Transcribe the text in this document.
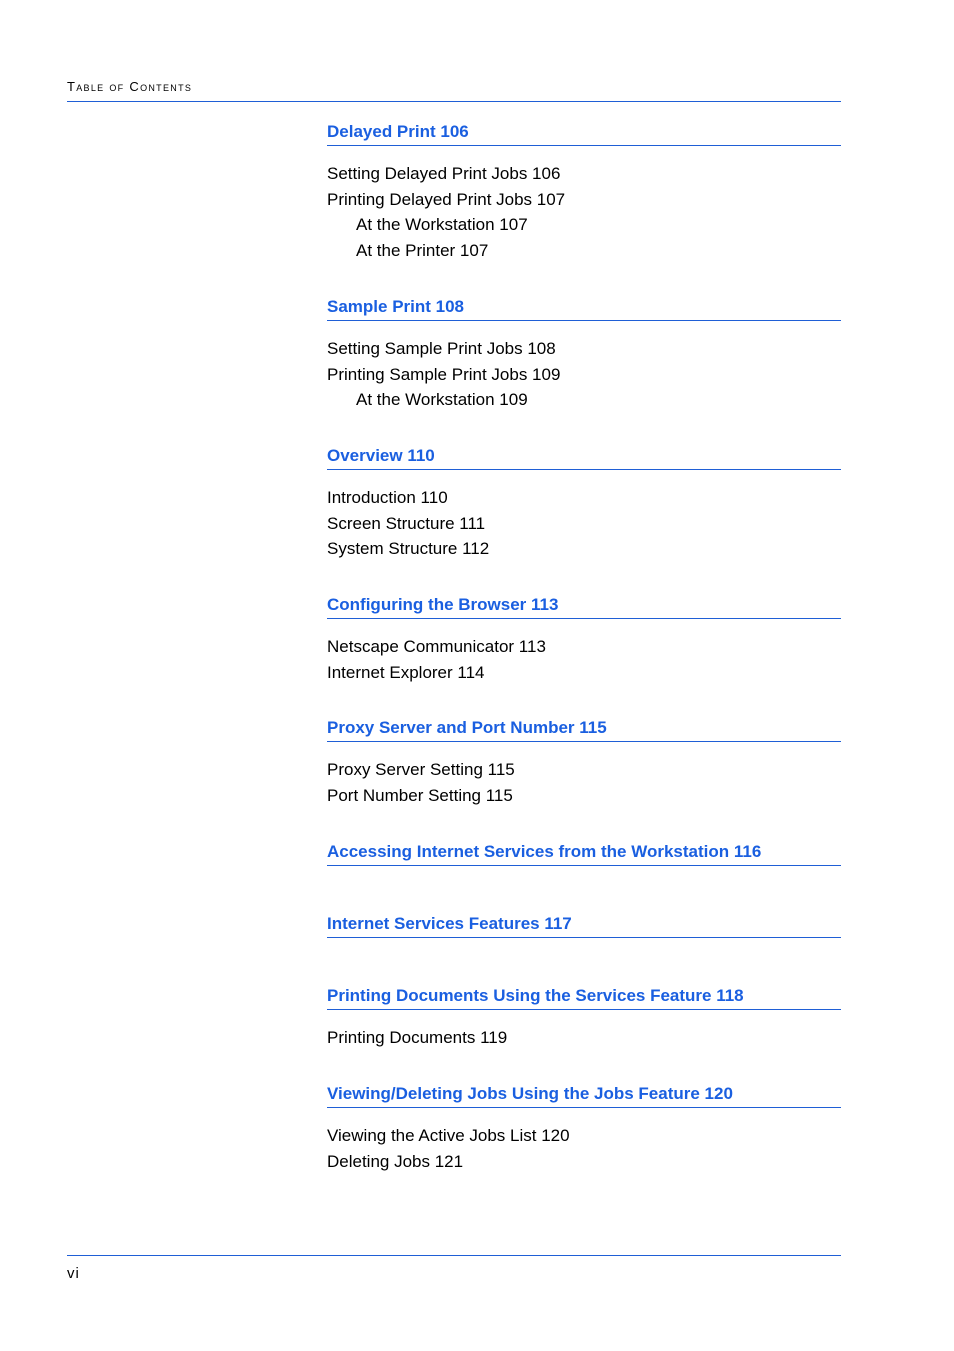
Table of Contents
Delayed Print 106
Setting Delayed Print Jobs 106
Printing Delayed Print Jobs 107
At the Workstation 107
At the Printer 107
Sample Print 108
Setting Sample Print Jobs 108
Printing Sample Print Jobs 109
At the Workstation 109
Overview 110
Introduction 110
Screen Structure 111
System Structure 112
Configuring the Browser 113
Netscape Communicator 113
Internet Explorer 114
Proxy Server and Port Number 115
Proxy Server Setting 115
Port Number Setting 115
Accessing Internet Services from the Workstation 116
Internet Services Features 117
Printing Documents Using the Services Feature 118
Printing Documents 119
Viewing/Deleting Jobs Using the Jobs Feature 120
Viewing the Active Jobs List 120
Deleting Jobs 121
vi
